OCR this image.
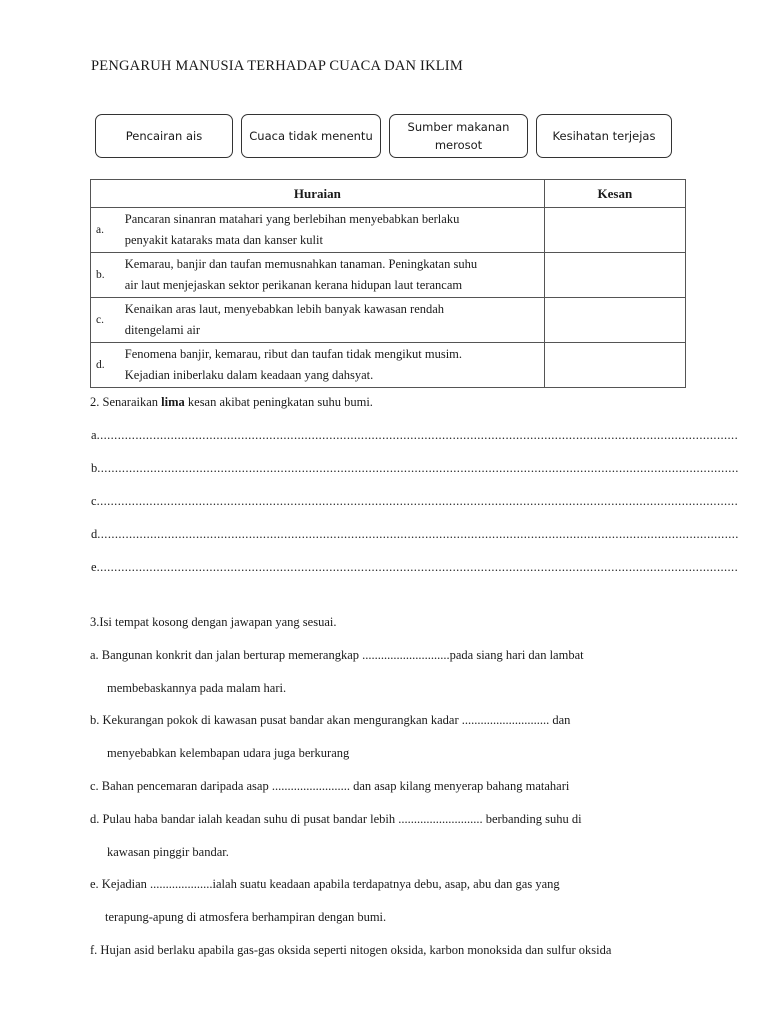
PENGARUH MANUSIA TERHADAP CUACA DAN IKLIM
Pencairan ais	Cuaca tidak menentu
Sumber makanan
merosot
Kesihatan terjejas
Huraian		Kesan
a.	Pancaran sinanran matahari yang berlebihan menyebabkan berlaku
penyakit kataraks mata dan kanser kulit	
b.	Kemarau, banjir dan taufan memusnahkan tanaman. Peningkatan suhu
air laut menjejaskan sektor perikanan kerana hidupan laut terancam	
c.	Kenaikan aras laut, menyebabkan lebih banyak kawasan rendah
ditengelami air	
d.	Fenomena banjir, kemarau, ribut dan taufan tidak mengikut musim.
Kejadian iniberlaku dalam keadaan yang dahsyat.	
2. Senaraikan lima kesan akibat peningkatan suhu bumi.
a......................................................................................................................................................................................
b......................................................................................................................................................................................
c......................................................................................................................................................................................
d......................................................................................................................................................................................
e......................................................................................................................................................................................
3.Isi tempat kosong dengan jawapan yang sesuai.
a. Bangunan konkrit dan jalan berturap memerangkap ............................pada siang hari dan lambat
membebaskannya pada malam hari.
b. Kekurangan pokok di kawasan pusat bandar akan mengurangkan kadar ............................ dan
menyebabkan kelembapan udara juga berkurang
c. Bahan pencemaran daripada asap ......................... dan asap kilang menyerap bahang matahari
d. Pulau haba bandar ialah keadan suhu di pusat bandar lebih ........................... berbanding suhu di
kawasan pinggir bandar.
e. Kejadian ....................ialah suatu keadaan apabila terdapatnya debu, asap, abu dan gas yang
terapung-apung di atmosfera berhampiran dengan bumi.
f. Hujan asid berlaku apabila gas-gas oksida seperti nitogen oksida, karbon monoksida dan sulfur oksida
